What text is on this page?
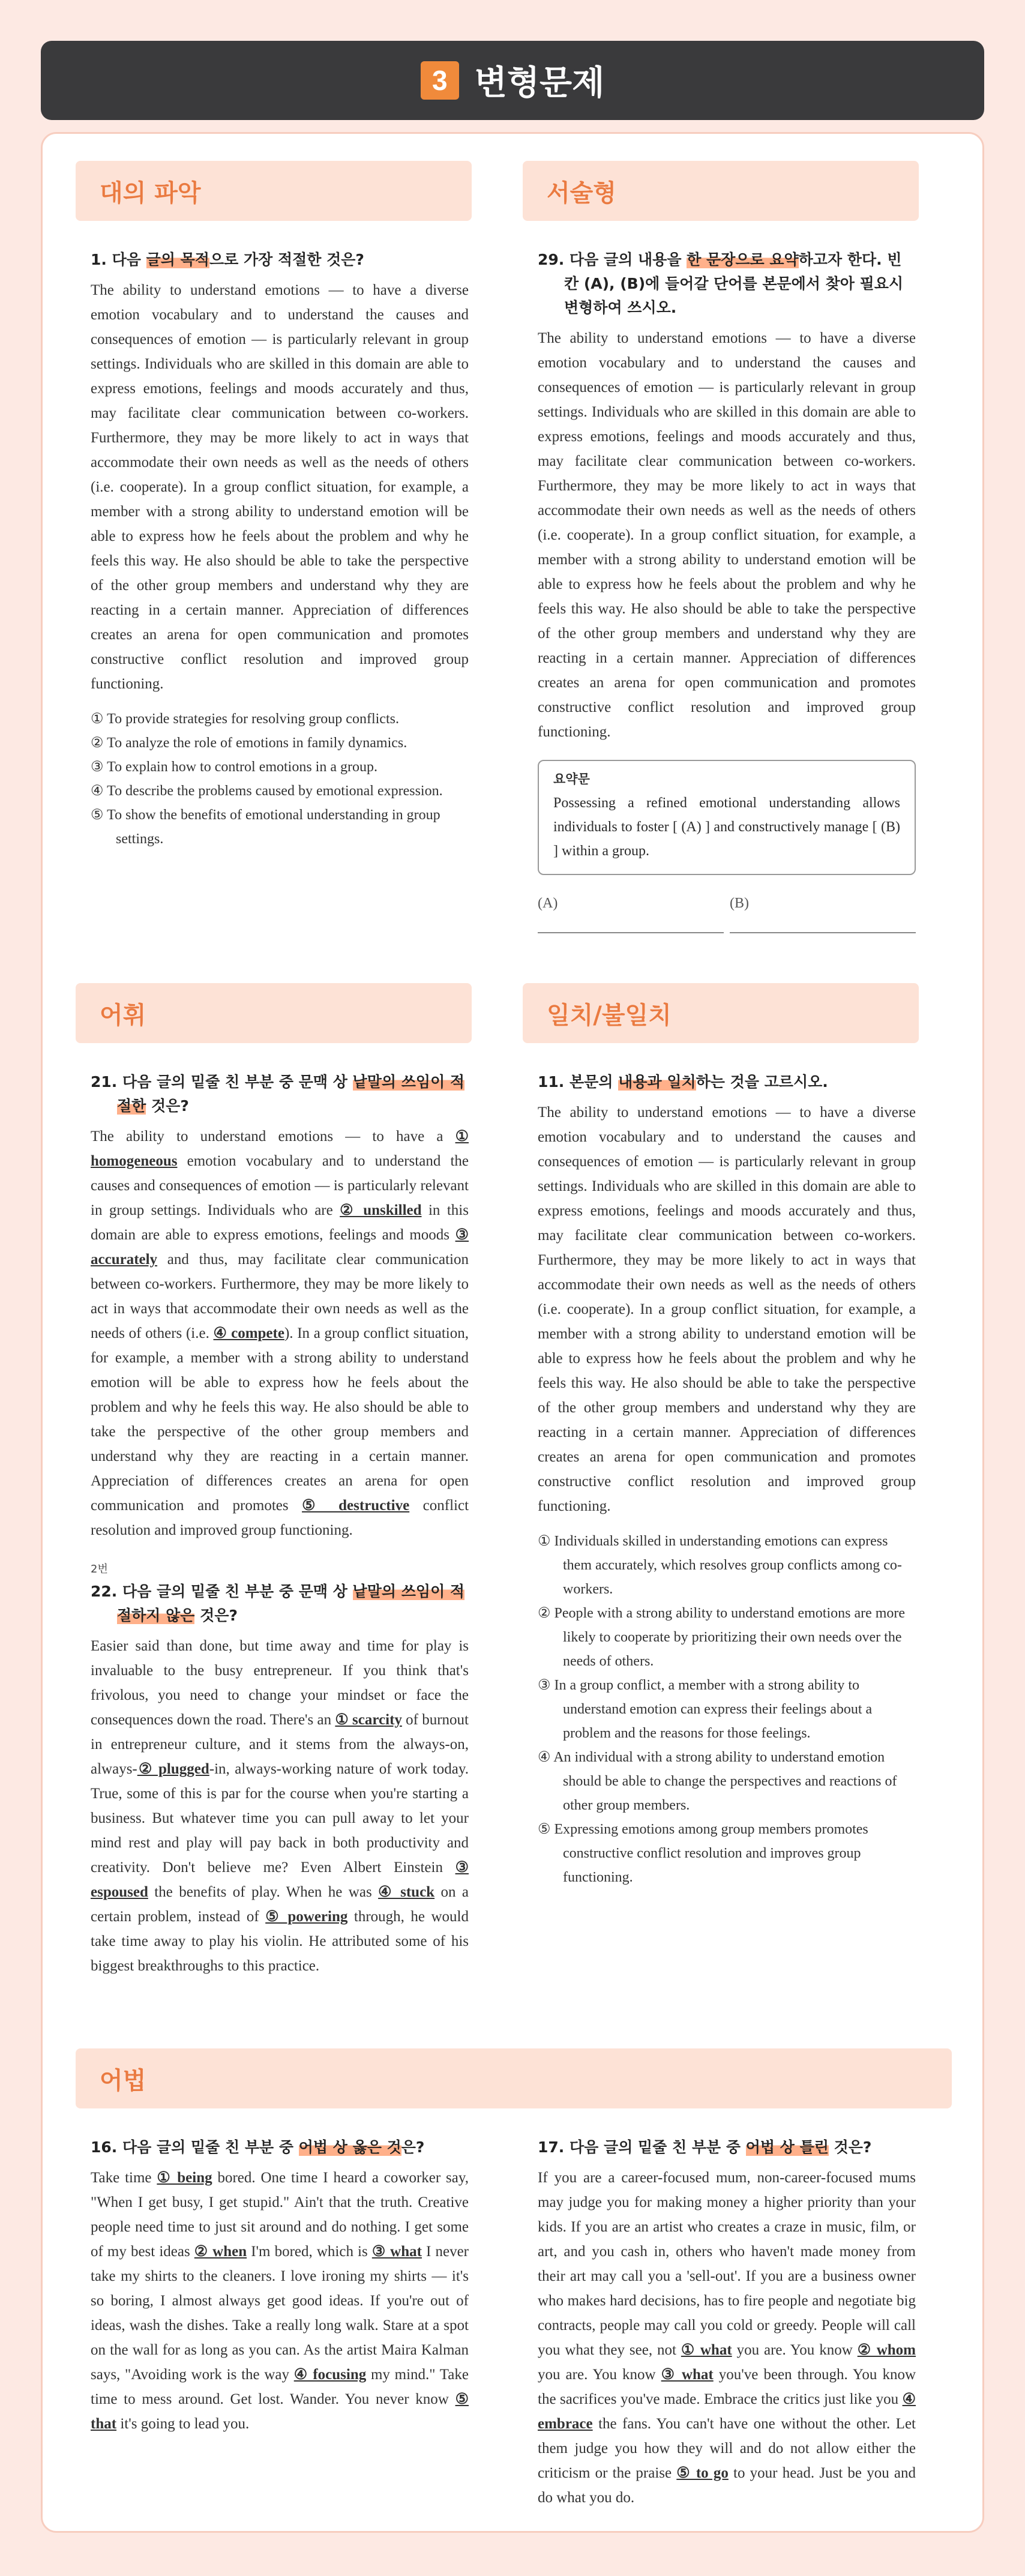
3 변형문제
대의 파악	서술형

1. 다음 글의 목적으로 가장 적절한 것은?

The ability to understand emotions — to have a diverse emotion vocabulary and to understand the causes and consequences of emotion — is particularly relevant in group settings. Individuals who are skilled in this domain are able to express emotions, feelings and moods accurately and thus, may facilitate clear communication between co-workers. Furthermore, they may be more likely to act in ways that accommodate their own needs as well as the needs of others (i.e. cooperate). In a group conflict situation, for example, a member with a strong ability to understand emotion will be able to express how he feels about the problem and why he feels this way. He also should be able to take the perspective of the other group members and understand why they are reacting in a certain manner. Appreciation of differences creates an arena for open communication and promotes constructive conflict resolution and improved group functioning.

① To provide strategies for resolving group conflicts.
② To analyze the role of emotions in family dynamics.
③ To explain how to control emotions in a group.
④ To describe the problems caused by emotional expression.
⑤ To show the benefits of emotional understanding in group settings.

29. 다음 글의 내용을 한 문장으로 요약하고자 한다. 빈칸 (A), (B)에 들어갈 단어를 본문에서 찾아 필요시 변형하여 쓰시오.

The ability to understand emotions — to have a diverse emotion vocabulary and to understand the causes and consequences of emotion — is particularly relevant in group settings. Individuals who are skilled in this domain are able to express emotions, feelings and moods accurately and thus, may facilitate clear communication between co-workers. Furthermore, they may be more likely to act in ways that accommodate their own needs as well as the needs of others (i.e. cooperate). In a group conflict situation, for example, a member with a strong ability to understand emotion will be able to express how he feels about the problem and why he feels this way. He also should be able to take the perspective of the other group members and understand why they are reacting in a certain manner. Appreciation of differences creates an arena for open communication and promotes constructive conflict resolution and improved group functioning.

요약문
Possessing a refined emotional understanding allows individuals to foster [ (A) ] and constructively manage [ (B) ] within a group.
(A)	(B)
어휘	일치/불일치

21. 다음 글의 밑줄 친 부분 중 문맥 상 낱말의 쓰임이 적절한 것은?

The ability to understand emotions — to have a ① homogeneous emotion vocabulary and to understand the causes and consequences of emotion — is particularly relevant in group settings. Individuals who are ② unskilled in this domain are able to express emotions, feelings and moods ③ accurately and thus, may facilitate clear communication between co-workers. Furthermore, they may be more likely to act in ways that accommodate their own needs as well as the needs of others (i.e. ④ compete). In a group conflict situation, for example, a member with a strong ability to understand emotion will be able to express how he feels about the problem and why he feels this way. He also should be able to take the perspective of the other group members and understand why they are reacting in a certain manner. Appreciation of differences creates an arena for open communication and promotes ⑤ destructive conflict resolution and improved group functioning.

2번

22. 다음 글의 밑줄 친 부분 중 문맥 상 낱말의 쓰임이 적절하지 않은 것은?

Easier said than done, but time away and time for play is invaluable to the busy entrepreneur. If you think that's frivolous, you need to change your mindset or face the consequences down the road. There's an ① scarcity of burnout in entrepreneur culture, and it stems from the always-on, always-② plugged-in, always-working nature of work today. True, some of this is par for the course when you're starting a business. But whatever time you can pull away to let your mind rest and play will pay back in both productivity and creativity. Don't believe me? Even Albert Einstein ③ espoused the benefits of play. When he was ④ stuck on a certain problem, instead of ⑤ powering through, he would take time away to play his violin. He attributed some of his biggest breakthroughs to this practice.

11. 본문의 내용과 일치하는 것을 고르시오.

The ability to understand emotions — to have a diverse emotion vocabulary and to understand the causes and consequences of emotion — is particularly relevant in group settings. Individuals who are skilled in this domain are able to express emotions, feelings and moods accurately and thus, may facilitate clear communication between co-workers. Furthermore, they may be more likely to act in ways that accommodate their own needs as well as the needs of others (i.e. cooperate). In a group conflict situation, for example, a member with a strong ability to understand emotion will be able to express how he feels about the problem and why he feels this way. He also should be able to take the perspective of the other group members and understand why they are reacting in a certain manner. Appreciation of differences creates an arena for open communication and promotes constructive conflict resolution and improved group functioning.

① Individuals skilled in understanding emotions can express them accurately, which resolves group conflicts among co-workers.
② People with a strong ability to understand emotions are more likely to cooperate by prioritizing their own needs over the needs of others.
③ In a group conflict, a member with a strong ability to understand emotion can express their feelings about a problem and the reasons for those feelings.
④ An individual with a strong ability to understand emotion should be able to change the perspectives and reactions of other group members.
⑤ Expressing emotions among group members promotes constructive conflict resolution and improves group functioning.
어법

16. 다음 글의 밑줄 친 부분 중 어법 상 옳은 것은?

Take time ① being bored. One time I heard a coworker say, "When I get busy, I get stupid." Ain't that the truth. Creative people need time to just sit around and do nothing. I get some of my best ideas ② when I'm bored, which is ③ what I never take my shirts to the cleaners. I love ironing my shirts — it's so boring, I almost always get good ideas. If you're out of ideas, wash the dishes. Take a really long walk. Stare at a spot on the wall for as long as you can. As the artist Maira Kalman says, "Avoiding work is the way ④ focusing my mind." Take time to mess around. Get lost. Wander. You never know ⑤ that it's going to lead you.

17. 다음 글의 밑줄 친 부분 중 어법 상 틀린 것은?

If you are a career-focused mum, non-career-focused mums may judge you for making money a higher priority than your kids. If you are an artist who creates a craze in music, film, or art, and you cash in, others who haven't made money from their art may call you a 'sell-out'. If you are a business owner who makes hard decisions, has to fire people and negotiate big contracts, people may call you cold or greedy. People will call you what they see, not ① what you are. You know ② whom you are. You know ③ what you've been through. You know the sacrifices you've made. Embrace the critics just like you ④ embrace the fans. You can't have one without the other. Let them judge you how they will and do not allow either the criticism or the praise ⑤ to go to your head. Just be you and do what you do.
